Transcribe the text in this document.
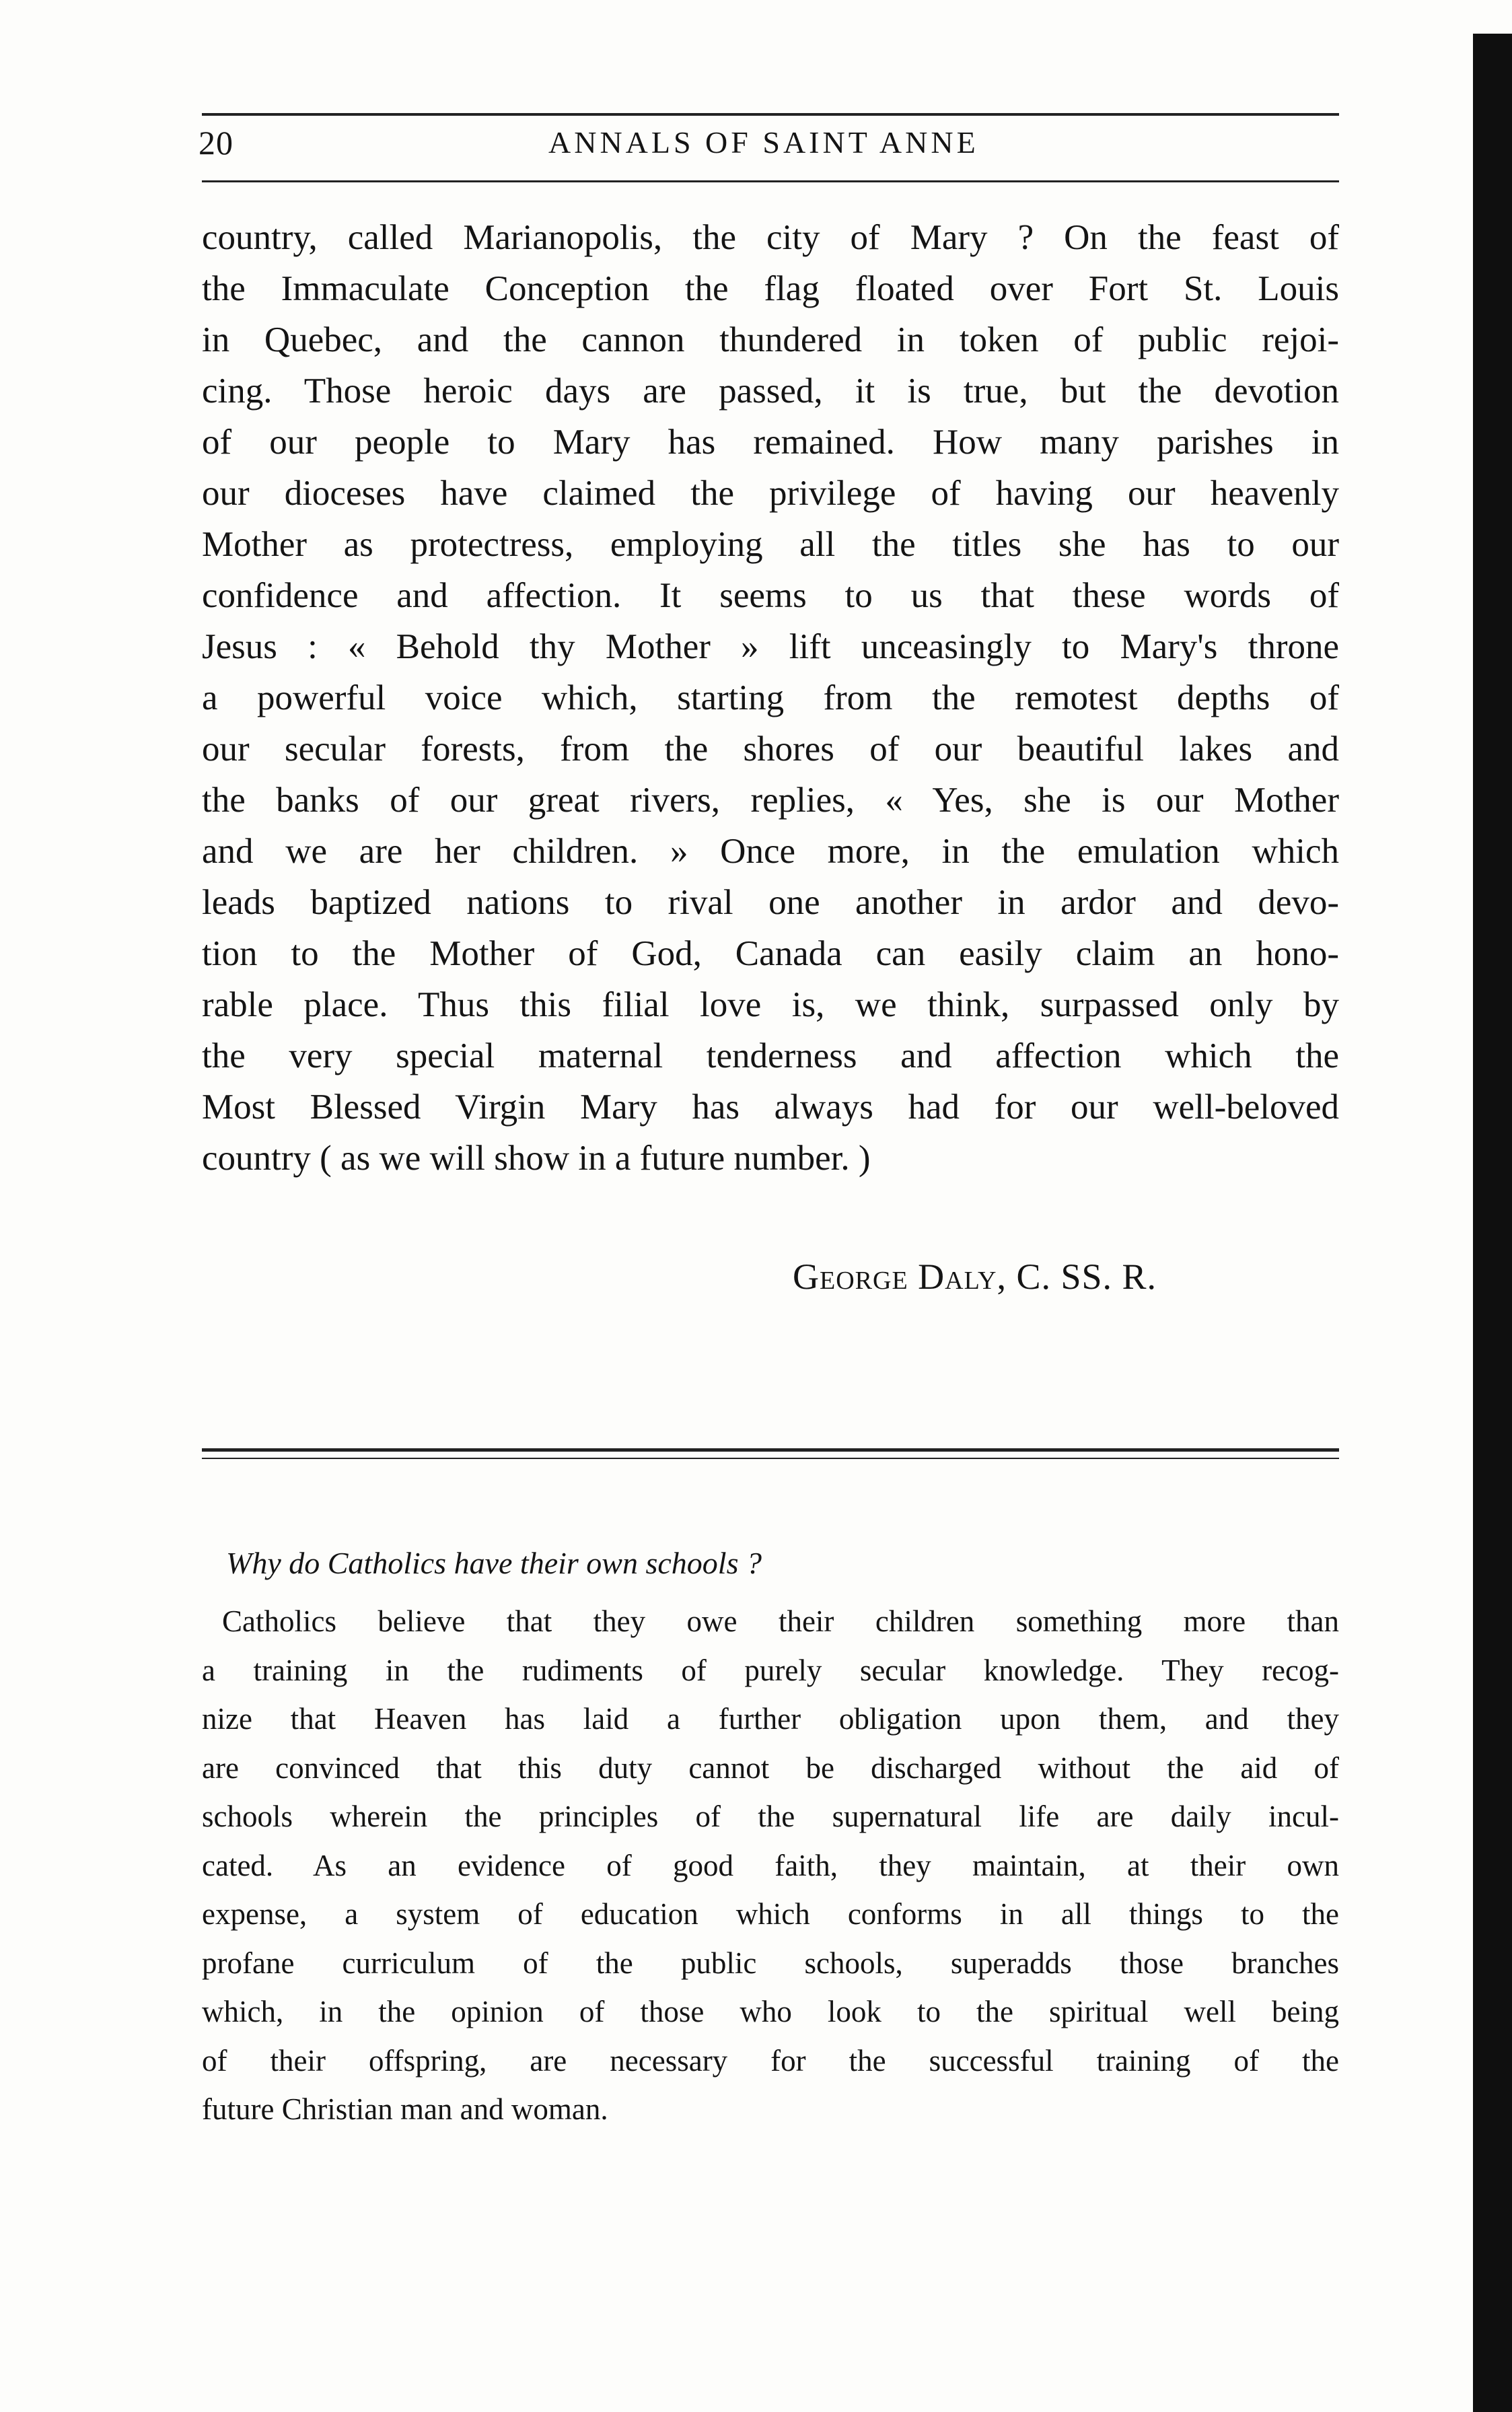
20	ANNALS OF SAINT ANNE
country, called Marianopolis, the city of Mary ? On the feast of
the Immaculate Conception the flag floated over Fort St. Louis
in Quebec, and the cannon thundered in token of public rejoi-
cing. Those heroic days are passed, it is true, but the devotion
of our people to Mary has remained. How many parishes in
our dioceses have claimed the privilege of having our heavenly
Mother as protectress, employing all the titles she has to our
confidence and affection. It seems to us that these words of
Jesus : « Behold thy Mother » lift unceasingly to Mary's throne
a powerful voice which, starting from the remotest depths of
our secular forests, from the shores of our beautiful lakes and
the banks of our great rivers, replies, « Yes, she is our Mother
and we are her children. » Once more, in the emulation which
leads baptized nations to rival one another in ardor and devo-
tion to the Mother of God, Canada can easily claim an hono-
rable place. Thus this filial love is, we think, surpassed only by
the very special maternal tenderness and affection which the
Most Blessed Virgin Mary has always had for our well-beloved
country ( as we will show in a future number. )
George Daly, C. SS. R.
Why do Catholics have their own schools ?
Catholics believe that they owe their children something more than
a training in the rudiments of purely secular knowledge. They recog-
nize that Heaven has laid a further obligation upon them, and they
are convinced that this duty cannot be discharged without the aid of
schools wherein the principles of the supernatural life are daily incul-
cated. As an evidence of good faith, they maintain, at their own
expense, a system of education which conforms in all things to the
profane curriculum of the public schools, superadds those branches
which, in the opinion of those who look to the spiritual well being
of their offspring, are necessary for the successful training of the
future Christian man and woman.
